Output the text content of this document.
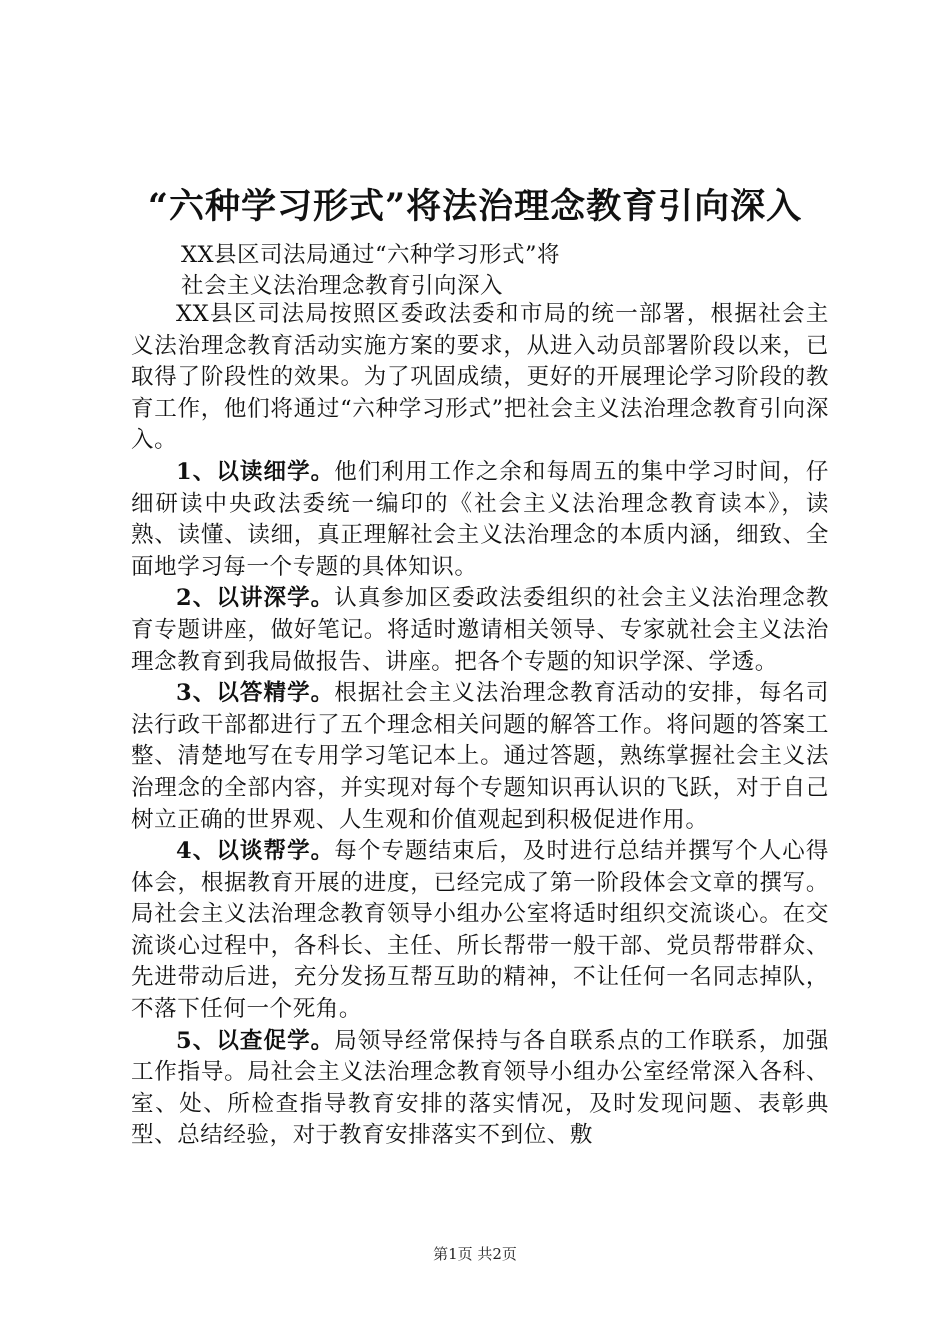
“六种学习形式”将法治理念教育引向深入
XX县区司法局通过“六种学习形式”将
社会主义法治理念教育引向深入

XX县区司法局按照区委政法委和市局的统一部署，根据社会主义法治理念教育活动实施方案的要求，从进入动员部署阶段以来，已取得了阶段性的效果。为了巩固成绩，更好的开展理论学习阶段的教育工作，他们将通过“六种学习形式”把社会主义法治理念教育引向深入。

1、以读细学。他们利用工作之余和每周五的集中学习时间，仔细研读中央政法委统一编印的《社会主义法治理念教育读本》，读熟、读懂、读细，真正理解社会主义法治理念的本质内涵，细致、全面地学习每一个专题的具体知识。

2、以讲深学。认真参加区委政法委组织的社会主义法治理念教育专题讲座，做好笔记。将适时邀请相关领导、专家就社会主义法治理念教育到我局做报告、讲座。把各个专题的知识学深、学透。

3、以答精学。根据社会主义法治理念教育活动的安排，每名司法行政干部都进行了五个理念相关问题的解答工作。将问题的答案工整、清楚地写在专用学习笔记本上。通过答题，熟练掌握社会主义法治理念的全部内容，并实现对每个专题知识再认识的飞跃，对于自己树立正确的世界观、人生观和价值观起到积极促进作用。

4、以谈帮学。每个专题结束后，及时进行总结并撰写个人心得体会，根据教育开展的进度，已经完成了第一阶段体会文章的撰写。局社会主义法治理念教育领导小组办公室将适时组织交流谈心。在交流谈心过程中，各科长、主任、所长帮带一般干部、党员帮带群众、先进带动后进，充分发扬互帮互助的精神，不让任何一名同志掉队，不落下任何一个死角。

5、以查促学。局领导经常保持与各自联系点的工作联系，加强工作指导。局社会主义法治理念教育领导小组办公室经常深入各科、室、处、所检查指导教育安排的落实情况，及时发现问题、表彰典型、总结经验，对于教育安排落实不到位、敷

第1页 共2页
